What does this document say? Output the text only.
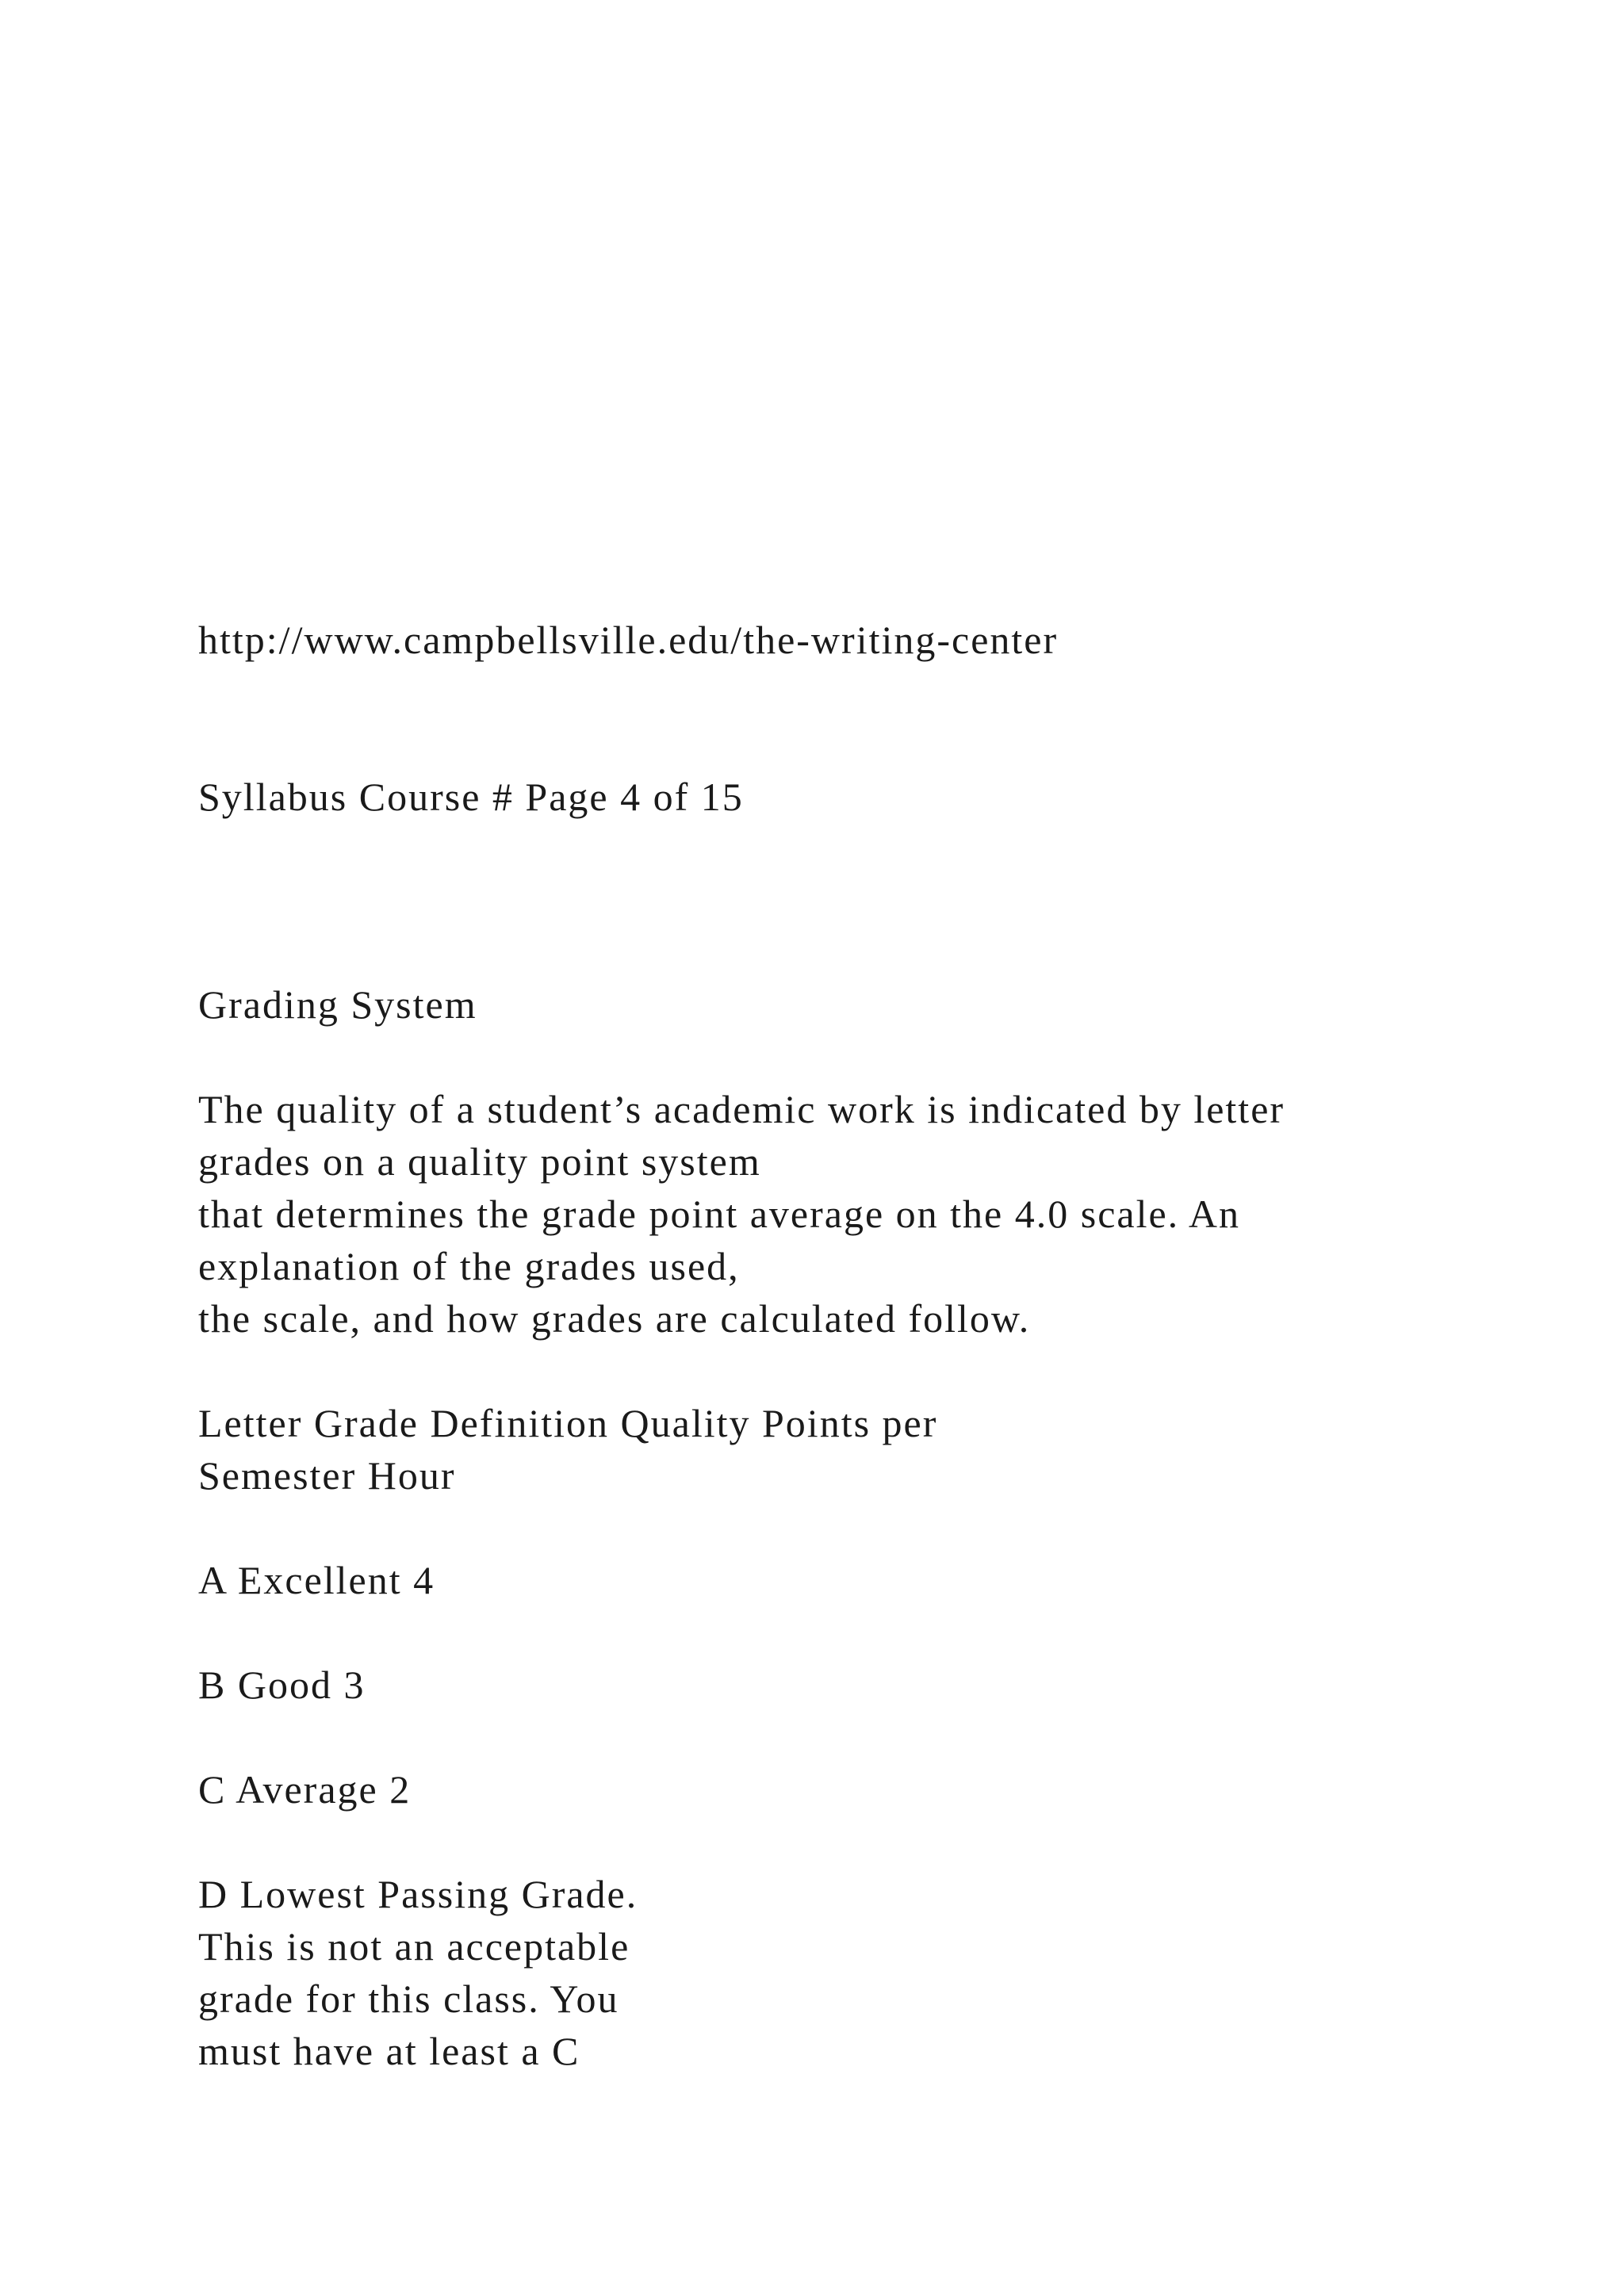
http://www.campbellsville.edu/the-writing-center
Syllabus Course # Page 4 of 15
Grading System
The quality of a student’s academic work is indicated by letter
grades on a quality point system
that determines the grade point average on the 4.0 scale. An
explanation of the grades used,
the scale, and how grades are calculated follow.
Letter Grade Definition Quality Points per
Semester Hour
A Excellent 4
B Good 3
C Average 2
D Lowest Passing Grade.
This is not an acceptable
grade for this class. You
must have at least a C
